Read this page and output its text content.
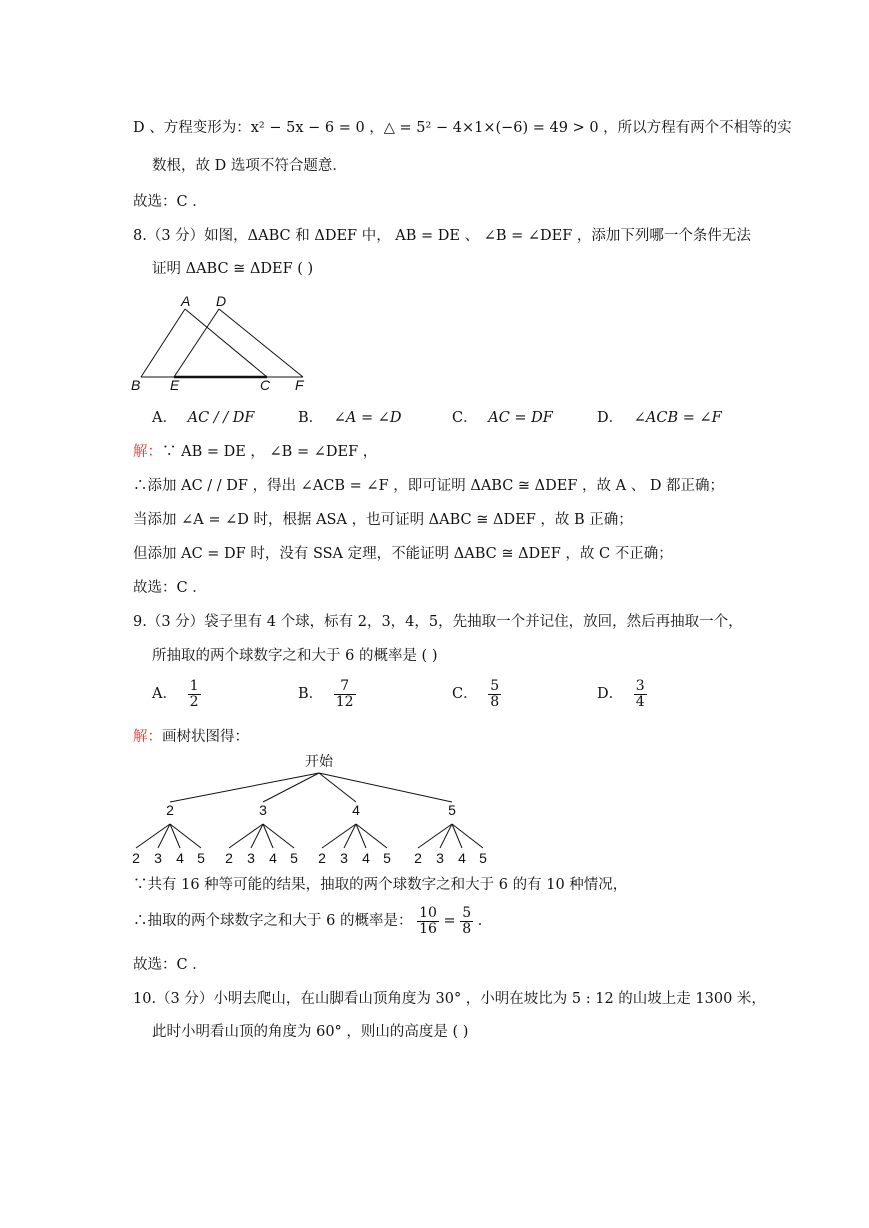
D 、方程变形为：x² − 5x − 6 = 0 ，△ = 5² − 4×1×(−6) = 49 > 0 ，所以方程有两个不相等的实
数根，故 D 选项不符合题意．
故选：C ．
8.（3 分）如图，ΔABC 和 ΔDEF 中， AB = DE 、 ∠B = ∠DEF ，添加下列哪一个条件无法
证明 ΔABC ≅ ΔDEF ( )
A D
B E	C F
A． AC / / DF	B． ∠A = ∠D	C． AC = DF	D． ∠ACB = ∠F
解：∵ AB = DE ， ∠B = ∠DEF ，
∴添加 AC / / DF ，得出 ∠ACB = ∠F ，即可证明 ΔABC ≅ ΔDEF ，故 A 、 D 都正确；
当添加 ∠A = ∠D 时，根据 ASA ，也可证明 ΔABC ≅ ΔDEF ，故 B 正确；
但添加 AC = DF 时，没有 SSA 定理，不能证明 ΔABC ≅ ΔDEF ，故 C 不正确；
故选：C ．
9.（3 分）袋子里有 4 个球，标有 2，3，4，5，先抽取一个并记住，放回，然后再抽取一个，
所抽取的两个球数字之和大于 6 的概率是 ( )
A． $\frac{1}{2}$	B． $\frac{7}{12}$	C． $\frac{5}{8}$	D． $\frac{3}{4}$
解：画树状图得：
开始
2
2 3 4 5
3
2 3 4 5
4
2 3 4 5
5
2 3 4 5
∵共有 16 种等可能的结果，抽取的两个球数字之和大于 6 的有 10 种情况，
∴抽取的两个球数字之和大于 6 的概率是： $\frac{10}{16} = \frac{5}{8}$ ．
故选：C ．
10.（3 分）小明去爬山，在山脚看山顶角度为 30° ，小明在坡比为 5 : 12 的山坡上走 1300 米，
此时小明看山顶的角度为 60° ，则山的高度是 ( )
